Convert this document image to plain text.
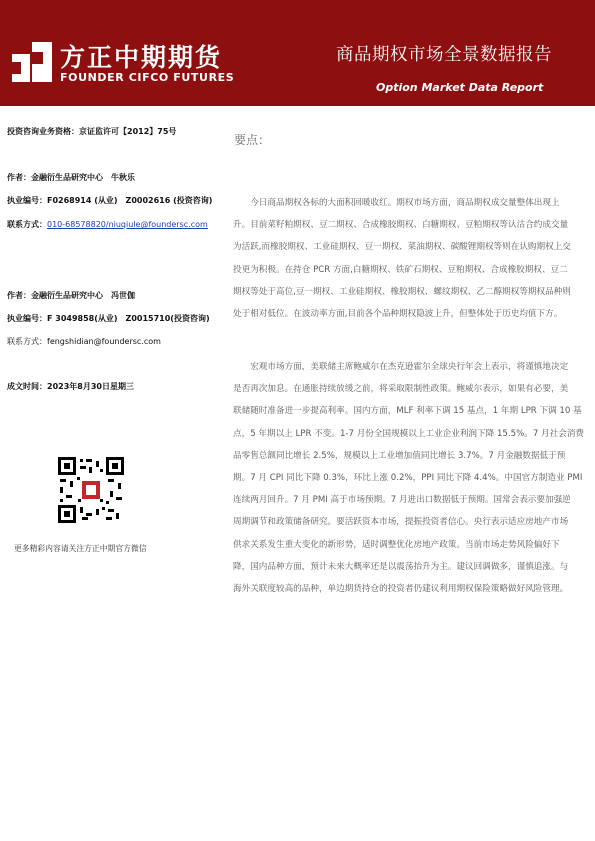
方正中期期货
FOUNDER CIFCO FUTURES
商品期权市场全景数据报告
Option Market Data Report
投资咨询业务资格：京证监许可【2012】75号
作者：金融衍生品研究中心　牛秋乐
执业编号：F0268914 (从业)　Z0002616 (投资咨询)
联系方式：010-68578820/niuqiule@foundersc.com
作者：金融衍生品研究中心　冯世伽
执业编号：F 3049858(从业)　Z0015710(投资咨询)
联系方式：fengshidian@foundersc.com
成文时间：2023年8月30日星期三
更多精彩内容请关注方正中期官方微信
要点：
　　今日商品期权各标的大面积回暖收红。期权市场方面，商品期权成交量整体出现上
升。目前菜籽粕期权、豆二期权、合成橡胶期权、白糖期权、豆粕期权等认沽合约成交量
为活跃,而橡胶期权、工业硅期权、豆一期权、菜油期权、碳酸锂期权等则在认购期权上交
投更为积极。在持仓 PCR 方面,白糖期权、铁矿石期权、豆粕期权、合成橡胶期权、豆二
期权等处于高位,豆一期权、工业硅期权、橡胶期权、螺纹期权、乙二醇期权等期权品种则
处于相对低位。在波动率方面,目前各个品种期权隐波上升，但整体处于历史均值下方。
　　宏观市场方面，美联储主席鲍威尔在杰克逊霍尔全球央行年会上表示，将谨慎地决定
是否再次加息。在通胀持续放缓之前，将采取限制性政策。鲍威尔表示，如果有必要，美
联储随时准备进一步提高利率。国内方面，MLF 利率下调 15 基点，1 年期 LPR 下调 10 基
点，5 年期以上 LPR 不变。1-7 月份全国规模以上工业企业利润下降 15.5%。7 月社会消费
品零售总额同比增长 2.5%，规模以上工业增加值同比增长 3.7%。7 月金融数据低于预
期。7 月 CPI 同比下降 0.3%，环比上涨 0.2%，PPI 同比下降 4.4%。中国官方制造业 PMI
连续两月回升。7 月 PMI 高于市场预期。7 月进出口数据低于预期。国常会表示要加强逆
周期调节和政策储备研究。要活跃资本市场，提振投资者信心。央行表示适应房地产市场
供求关系发生重大变化的新形势，适时调整优化房地产政策。当前市场走势风险偏好下
降，国内品种方面，预计未来大概率还是以震荡抬升为主。建议回调做多，谨慎追涨。与
海外关联度较高的品种，单边期货持仓的投资者仍建议利用期权保险策略做好风险管理。
